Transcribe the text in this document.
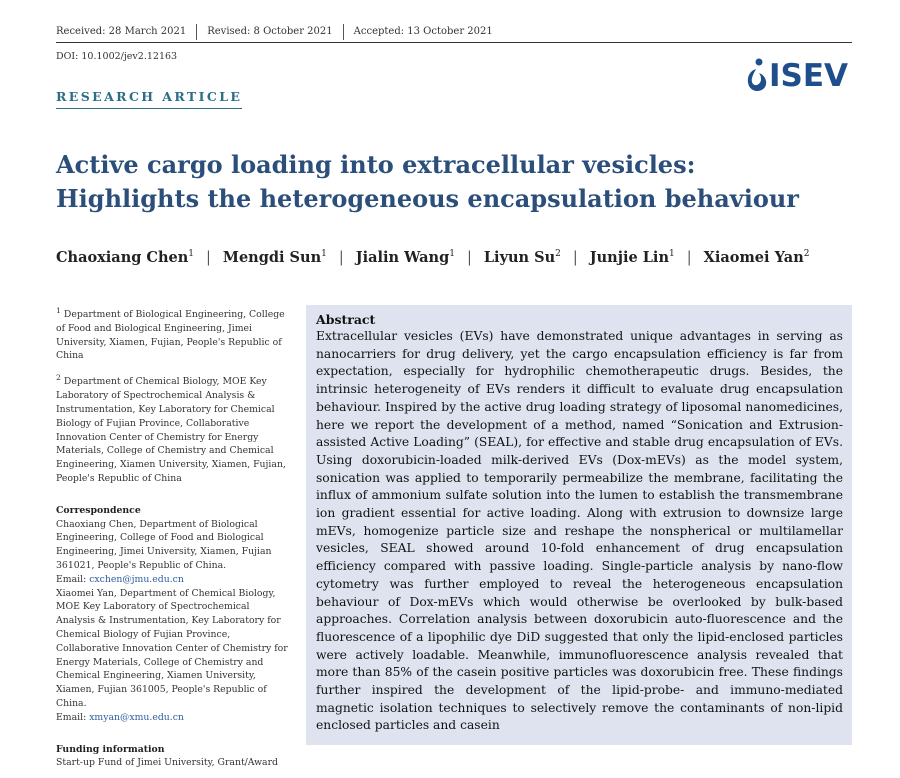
Received: 28 March 2021	Revised: 8 October 2021	Accepted: 13 October 2021
DOI: 10.1002/jev2.12163
ISEV
RESEARCH ARTICLE
Active cargo loading into extracellular vesicles: Highlights the heterogeneous encapsulation behaviour
Chaoxiang Chen$^1$ | Mengdi Sun$^1$ | Jialin Wang$^1$ | Liyun Su$^2$ | Junjie Lin$^1$ | Xiaomei Yan$^2$

$^1$ Department of Biological Engineering, College of Food and Biological Engineering, Jimei University, Xiamen, Fujian, People's Republic of China

$^2$ Department of Chemical Biology, MOE Key Laboratory of Spectrochemical Analysis & Instrumentation, Key Laboratory for Chemical Biology of Fujian Province, Collaborative Innovation Center of Chemistry for Energy Materials, College of Chemistry and Chemical Engineering, Xiamen University, Xiamen, Fujian, People's Republic of China

Correspondence

Chaoxiang Chen, Department of Biological Engineering, College of Food and Biological Engineering, Jimei University, Xiamen, Fujian 361021, People's Republic of China.

Email: cxchen@jmu.edu.cn

Xiaomei Yan, Department of Chemical Biology, MOE Key Laboratory of Spectrochemical Analysis & Instrumentation, Key Laboratory for Chemical Biology of Fujian Province, Collaborative Innovation Center of Chemistry for Energy Materials, College of Chemistry and Chemical Engineering, Xiamen University, Xiamen, Fujian 361005, People's Republic of China.

Email: xmyan@xmu.edu.cn

Funding information

Start-up Fund of Jimei University, Grant/Award

Abstract

Extracellular vesicles (EVs) have demonstrated unique advantages in serving as nanocarriers for drug delivery, yet the cargo encapsulation efficiency is far from expectation, especially for hydrophilic chemotherapeutic drugs. Besides, the intrinsic heterogeneity of EVs renders it difficult to evaluate drug encapsulation behaviour. Inspired by the active drug loading strategy of liposomal nanomedicines, here we report the development of a method, named “Sonication and Extrusion-assisted Active Loading” (SEAL), for effective and stable drug encapsulation of EVs. Using doxorubicin-loaded milk-derived EVs (Dox-mEVs) as the model system, sonication was applied to temporarily permeabilize the membrane, facilitating the influx of ammonium sulfate solution into the lumen to establish the transmembrane ion gradient essential for active loading. Along with extrusion to downsize large mEVs, homogenize particle size and reshape the nonspherical or multilamellar vesicles, SEAL showed around 10-fold enhancement of drug encapsulation efficiency compared with passive loading. Single-particle analysis by nano-flow cytometry was further employed to reveal the heterogeneous encapsulation behaviour of Dox-mEVs which would otherwise be overlooked by bulk-based approaches. Correlation analysis between doxorubicin auto-fluorescence and the fluorescence of a lipophilic dye DiD suggested that only the lipid-enclosed particles were actively loadable. Meanwhile, immunofluorescence analysis revealed that more than 85% of the casein positive particles was doxorubicin free. These findings further inspired the development of the lipid-probe- and immuno-mediated magnetic isolation techniques to selectively remove the contaminants of non-lipid enclosed particles and casein
